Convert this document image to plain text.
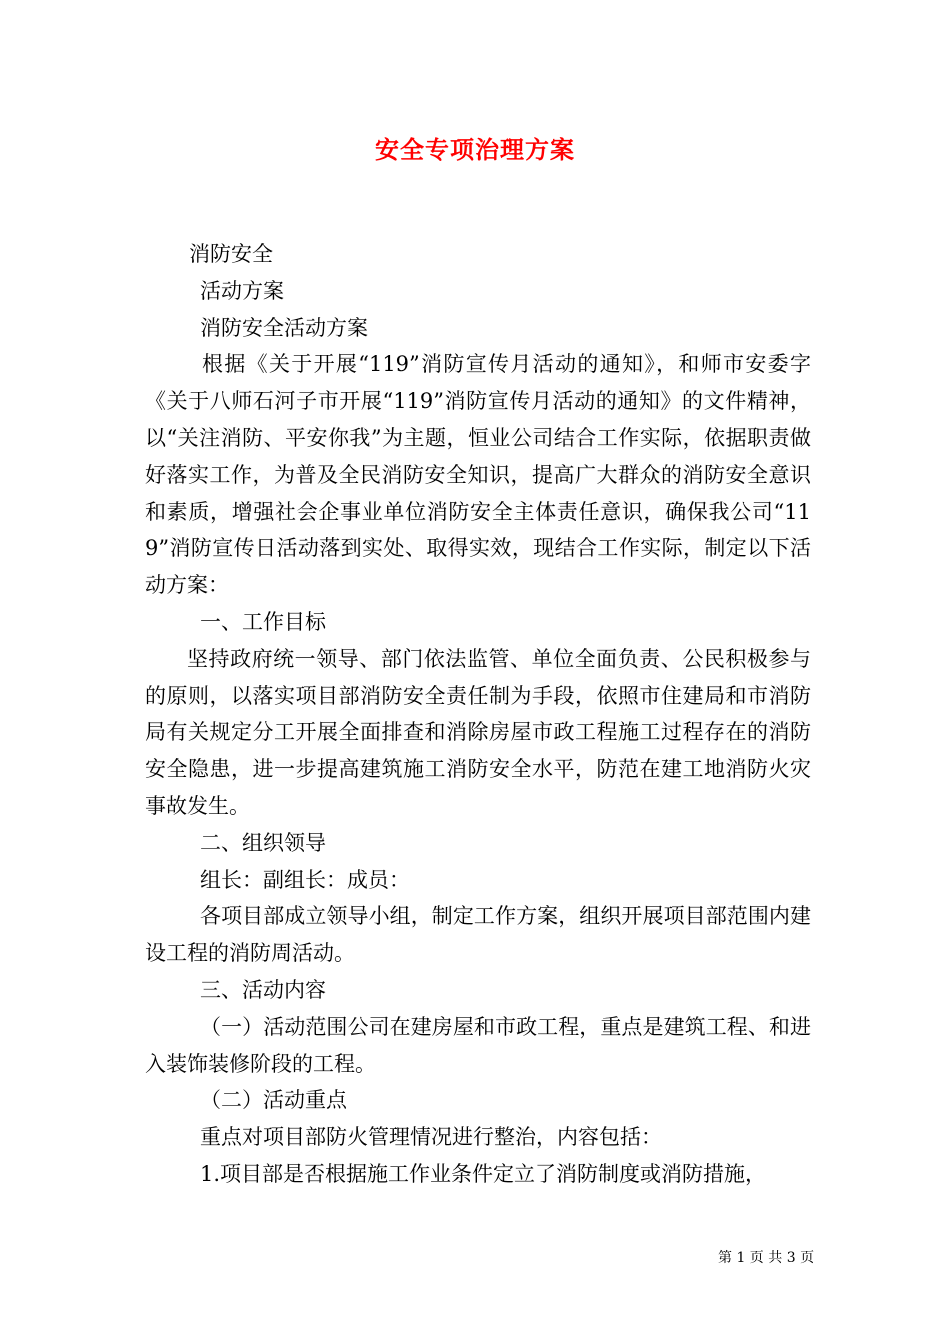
安全专项治理方案

消防安全

活动方案

消防安全活动方案

根据《关于开展“119”消防宣传月活动的通知》，和师市安委字《关于八师石河子市开展“119”消防宣传月活动的通知》的文件精神，以“关注消防、平安你我”为主题，恒业公司结合工作实际，依据职责做好落实工作，为普及全民消防安全知识，提高广大群众的消防安全意识和素质，增强社会企事业单位消防安全主体责任意识，确保我公司“119”消防宣传日活动落到实处、取得实效，现结合工作实际，制定以下活动方案：

一、工作目标

坚持政府统一领导、部门依法监管、单位全面负责、公民积极参与的原则，以落实项目部消防安全责任制为手段，依照市住建局和市消防局有关规定分工开展全面排查和消除房屋市政工程施工过程存在的消防安全隐患，进一步提高建筑施工消防安全水平，防范在建工地消防火灾事故发生。

二、组织领导

组长：副组长：成员：

各项目部成立领导小组，制定工作方案，组织开展项目部范围内建设工程的消防周活动。

三、活动内容

（一）活动范围公司在建房屋和市政工程，重点是建筑工程、和进入装饰装修阶段的工程。

（二）活动重点

重点对项目部防火管理情况进行整治，内容包括：

1.项目部是否根据施工作业条件定立了消防制度或消防措施，

第 1 页 共 3 页
